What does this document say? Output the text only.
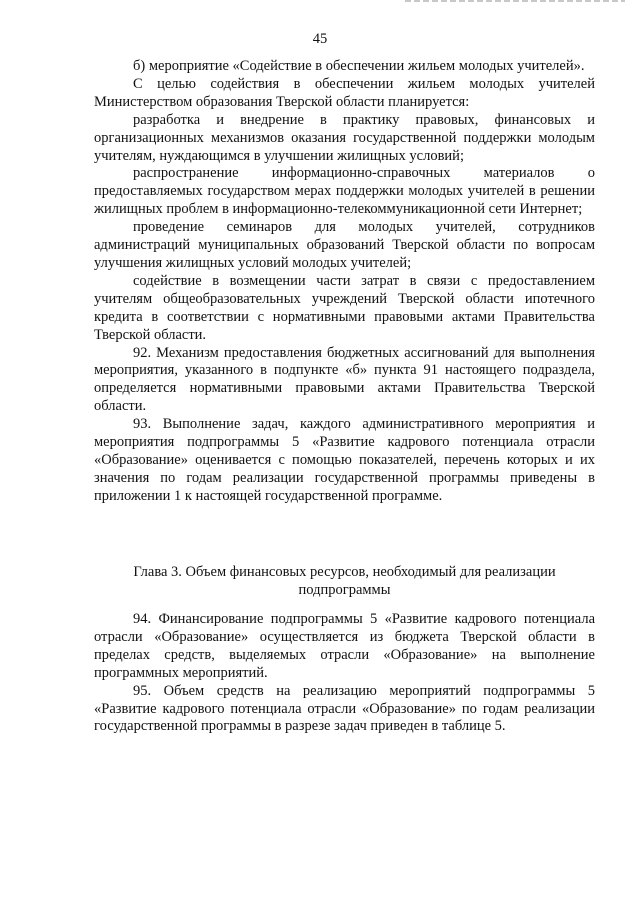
45

б) мероприятие «Содействие в обеспечении жильем молодых учителей».

С целью содействия в обеспечении жильем молодых учителей Министерством образования Тверской области планируется:

разработка и внедрение в практику правовых, финансовых и организационных механизмов оказания государственной поддержки молодым учителям, нуждающимся в улучшении жилищных условий;

распространение информационно-справочных материалов о предоставляемых государством мерах поддержки молодых учителей в решении жилищных проблем в информационно-телекоммуникационной сети Интернет;

проведение семинаров для молодых учителей, сотрудников администраций муниципальных образований Тверской области по вопросам улучшения жилищных условий молодых учителей;

содействие в возмещении части затрат в связи с предоставлением учителям общеобразовательных учреждений Тверской области ипотечного кредита в соответствии с нормативными правовыми актами Правительства Тверской области.

92. Механизм предоставления бюджетных ассигнований для выполнения мероприятия, указанного в подпункте «б» пункта 91 настоящего подраздела, определяется нормативными правовыми актами Правительства Тверской области.

93. Выполнение задач, каждого административного мероприятия и мероприятия подпрограммы 5 «Развитие кадрового потенциала отрасли «Образование» оценивается с помощью показателей, перечень которых и их значения по годам реализации государственной программы приведены в приложении 1 к настоящей государственной программе.

Глава 3. Объем финансовых ресурсов, необходимый для реализации
подпрограммы

94. Финансирование подпрограммы 5 «Развитие кадрового потенциала отрасли «Образование» осуществляется из бюджета Тверской области в пределах средств, выделяемых отрасли «Образование» на выполнение программных мероприятий.

95. Объем средств на реализацию мероприятий подпрограммы 5 «Развитие кадрового потенциала отрасли «Образование» по годам реализации государственной программы в разрезе задач приведен в таблице 5.
